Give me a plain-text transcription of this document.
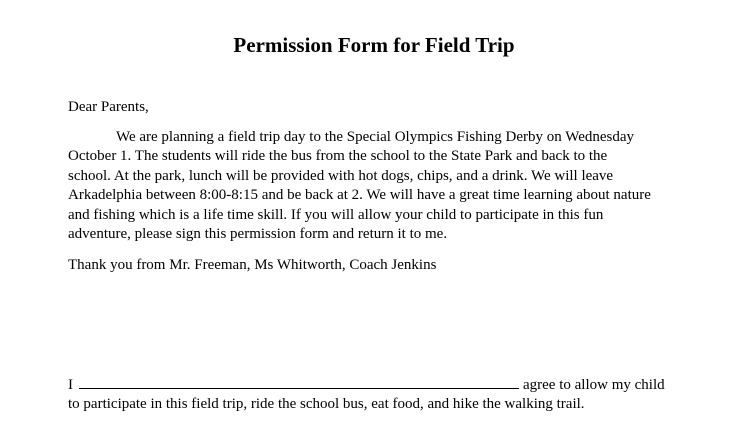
Permission Form for Field Trip

Dear Parents,

We are planning a field trip day to the Special Olympics Fishing Derby on Wednesday
October 1. The students will ride the bus from the school to the State Park and back to the
school. At the park, lunch will be provided with hot dogs, chips, and a drink. We will leave
Arkadelphia between 8:00-8:15 and be back at 2. We will have a great time learning about nature
and fishing which is a life time skill. If you will allow your child to participate in this fun
adventure, please sign this permission form and return it to me.

Thank you from Mr. Freeman, Ms Whitworth, Coach Jenkins

I	agree to allow my child
to participate in this field trip, ride the school bus, eat food, and hike the walking trail.
